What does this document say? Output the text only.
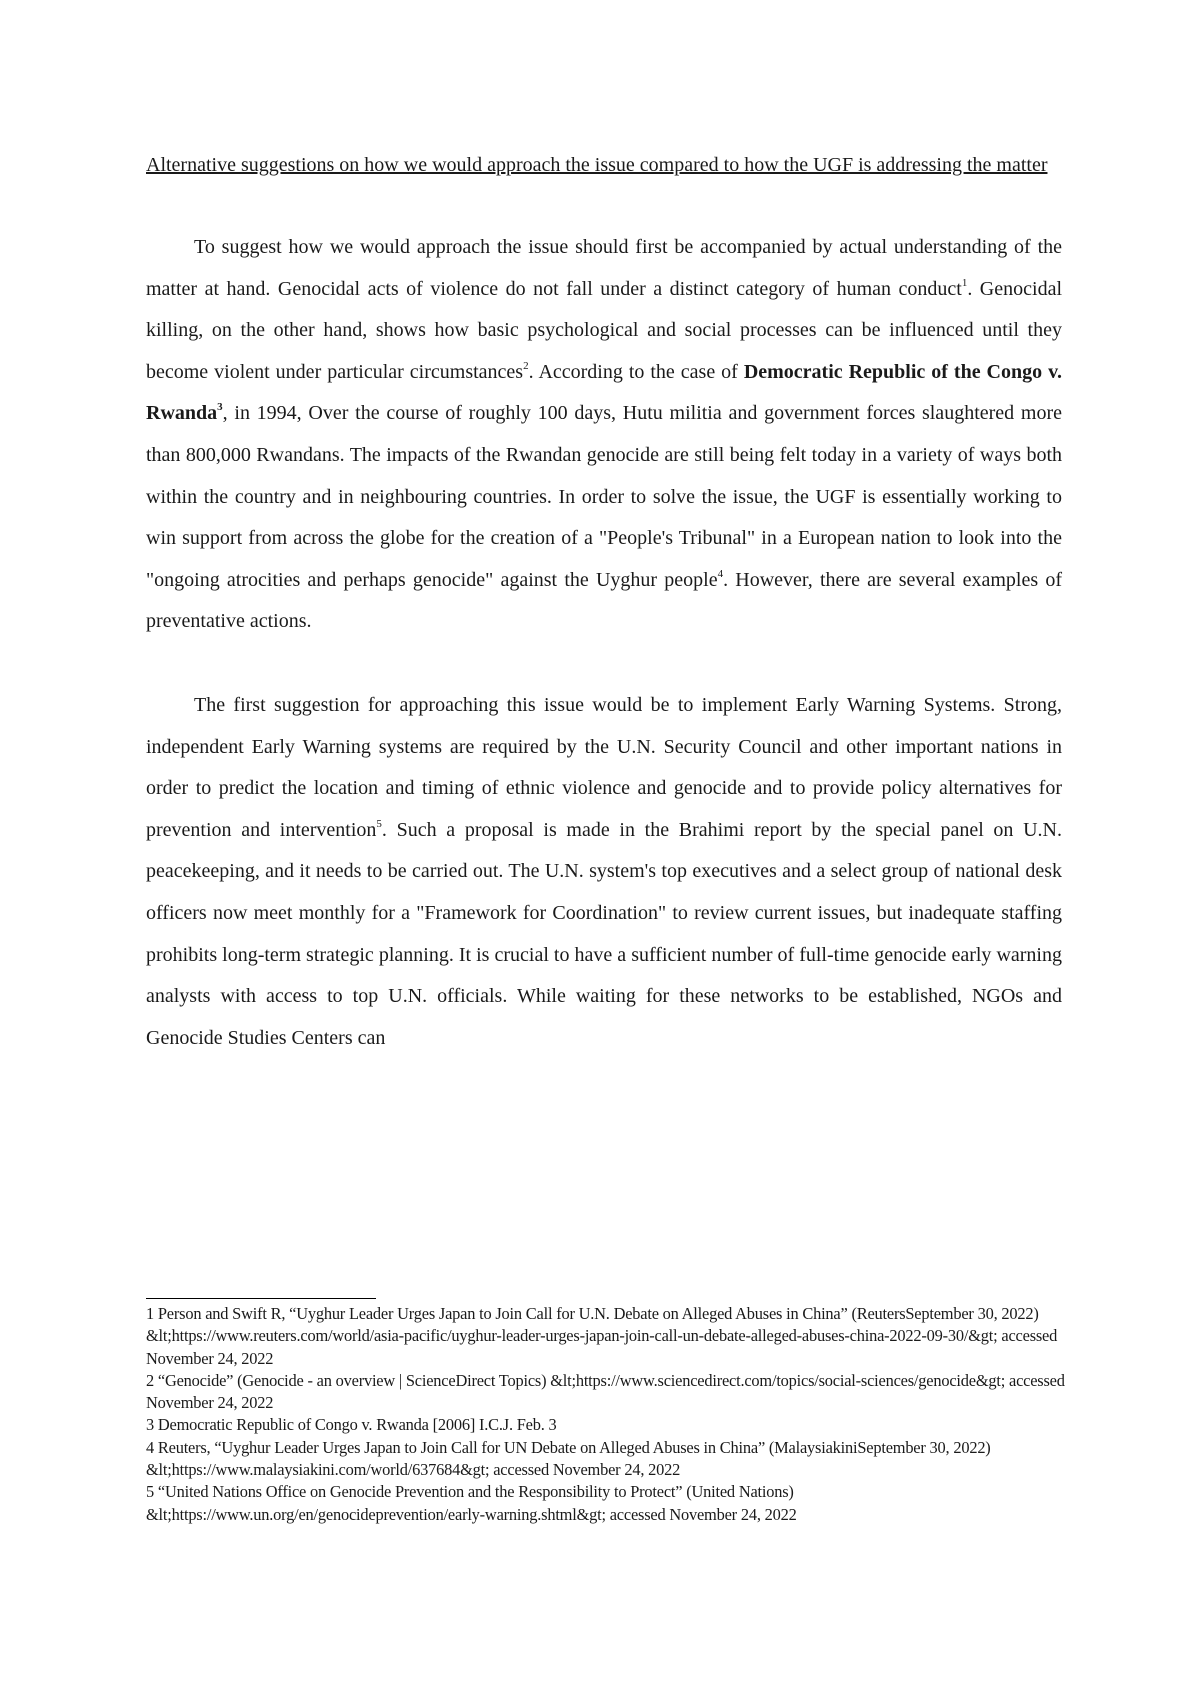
Alternative suggestions on how we would approach the issue compared to how the UGF is addressing the matter

To suggest how we would approach the issue should first be accompanied by actual understanding of the matter at hand. Genocidal acts of violence do not fall under a distinct category of human conduct$^1$. Genocidal killing, on the other hand, shows how basic psychological and social processes can be influenced until they become violent under particular circumstances$^2$. According to the case of Democratic Republic of the Congo v. Rwanda$^3$, in 1994, Over the course of roughly 100 days, Hutu militia and government forces slaughtered more than 800,000 Rwandans. The impacts of the Rwandan genocide are still being felt today in a variety of ways both within the country and in neighbouring countries. In order to solve the issue, the UGF is essentially working to win support from across the globe for the creation of a "People's Tribunal" in a European nation to look into the "ongoing atrocities and perhaps genocide" against the Uyghur people$^4$. However, there are several examples of preventative actions.

The first suggestion for approaching this issue would be to implement Early Warning Systems. Strong, independent Early Warning systems are required by the U.N. Security Council and other important nations in order to predict the location and timing of ethnic violence and genocide and to provide policy alternatives for prevention and intervention$^5$. Such a proposal is made in the Brahimi report by the special panel on U.N. peacekeeping, and it needs to be carried out. The U.N. system's top executives and a select group of national desk officers now meet monthly for a "Framework for Coordination" to review current issues, but inadequate staffing prohibits long-term strategic planning. It is crucial to have a sufficient number of full-time genocide early warning analysts with access to top U.N. officials. While waiting for these networks to be established, NGOs and Genocide Studies Centers can

1 Person and Swift R, “Uyghur Leader Urges Japan to Join Call for U.N. Debate on Alleged Abuses in China” (ReutersSeptember 30, 2022) &lt;https://www.reuters.com/world/asia-pacific/uyghur-leader-urges-japan-join-call-un-debate-alleged-abuses-china-2022-09-30/&gt; accessed November 24, 2022

2 “Genocide” (Genocide - an overview | ScienceDirect Topics) &lt;https://www.sciencedirect.com/topics/social-sciences/genocide&gt; accessed November 24, 2022

3 Democratic Republic of Congo v. Rwanda [2006] I.C.J. Feb. 3

4 Reuters, “Uyghur Leader Urges Japan to Join Call for UN Debate on Alleged Abuses in China” (MalaysiakiniSeptember 30, 2022) &lt;https://www.malaysiakini.com/world/637684&gt; accessed November 24, 2022

5 “United Nations Office on Genocide Prevention and the Responsibility to Protect” (United Nations) &lt;https://www.un.org/en/genocideprevention/early-warning.shtml&gt; accessed November 24, 2022
